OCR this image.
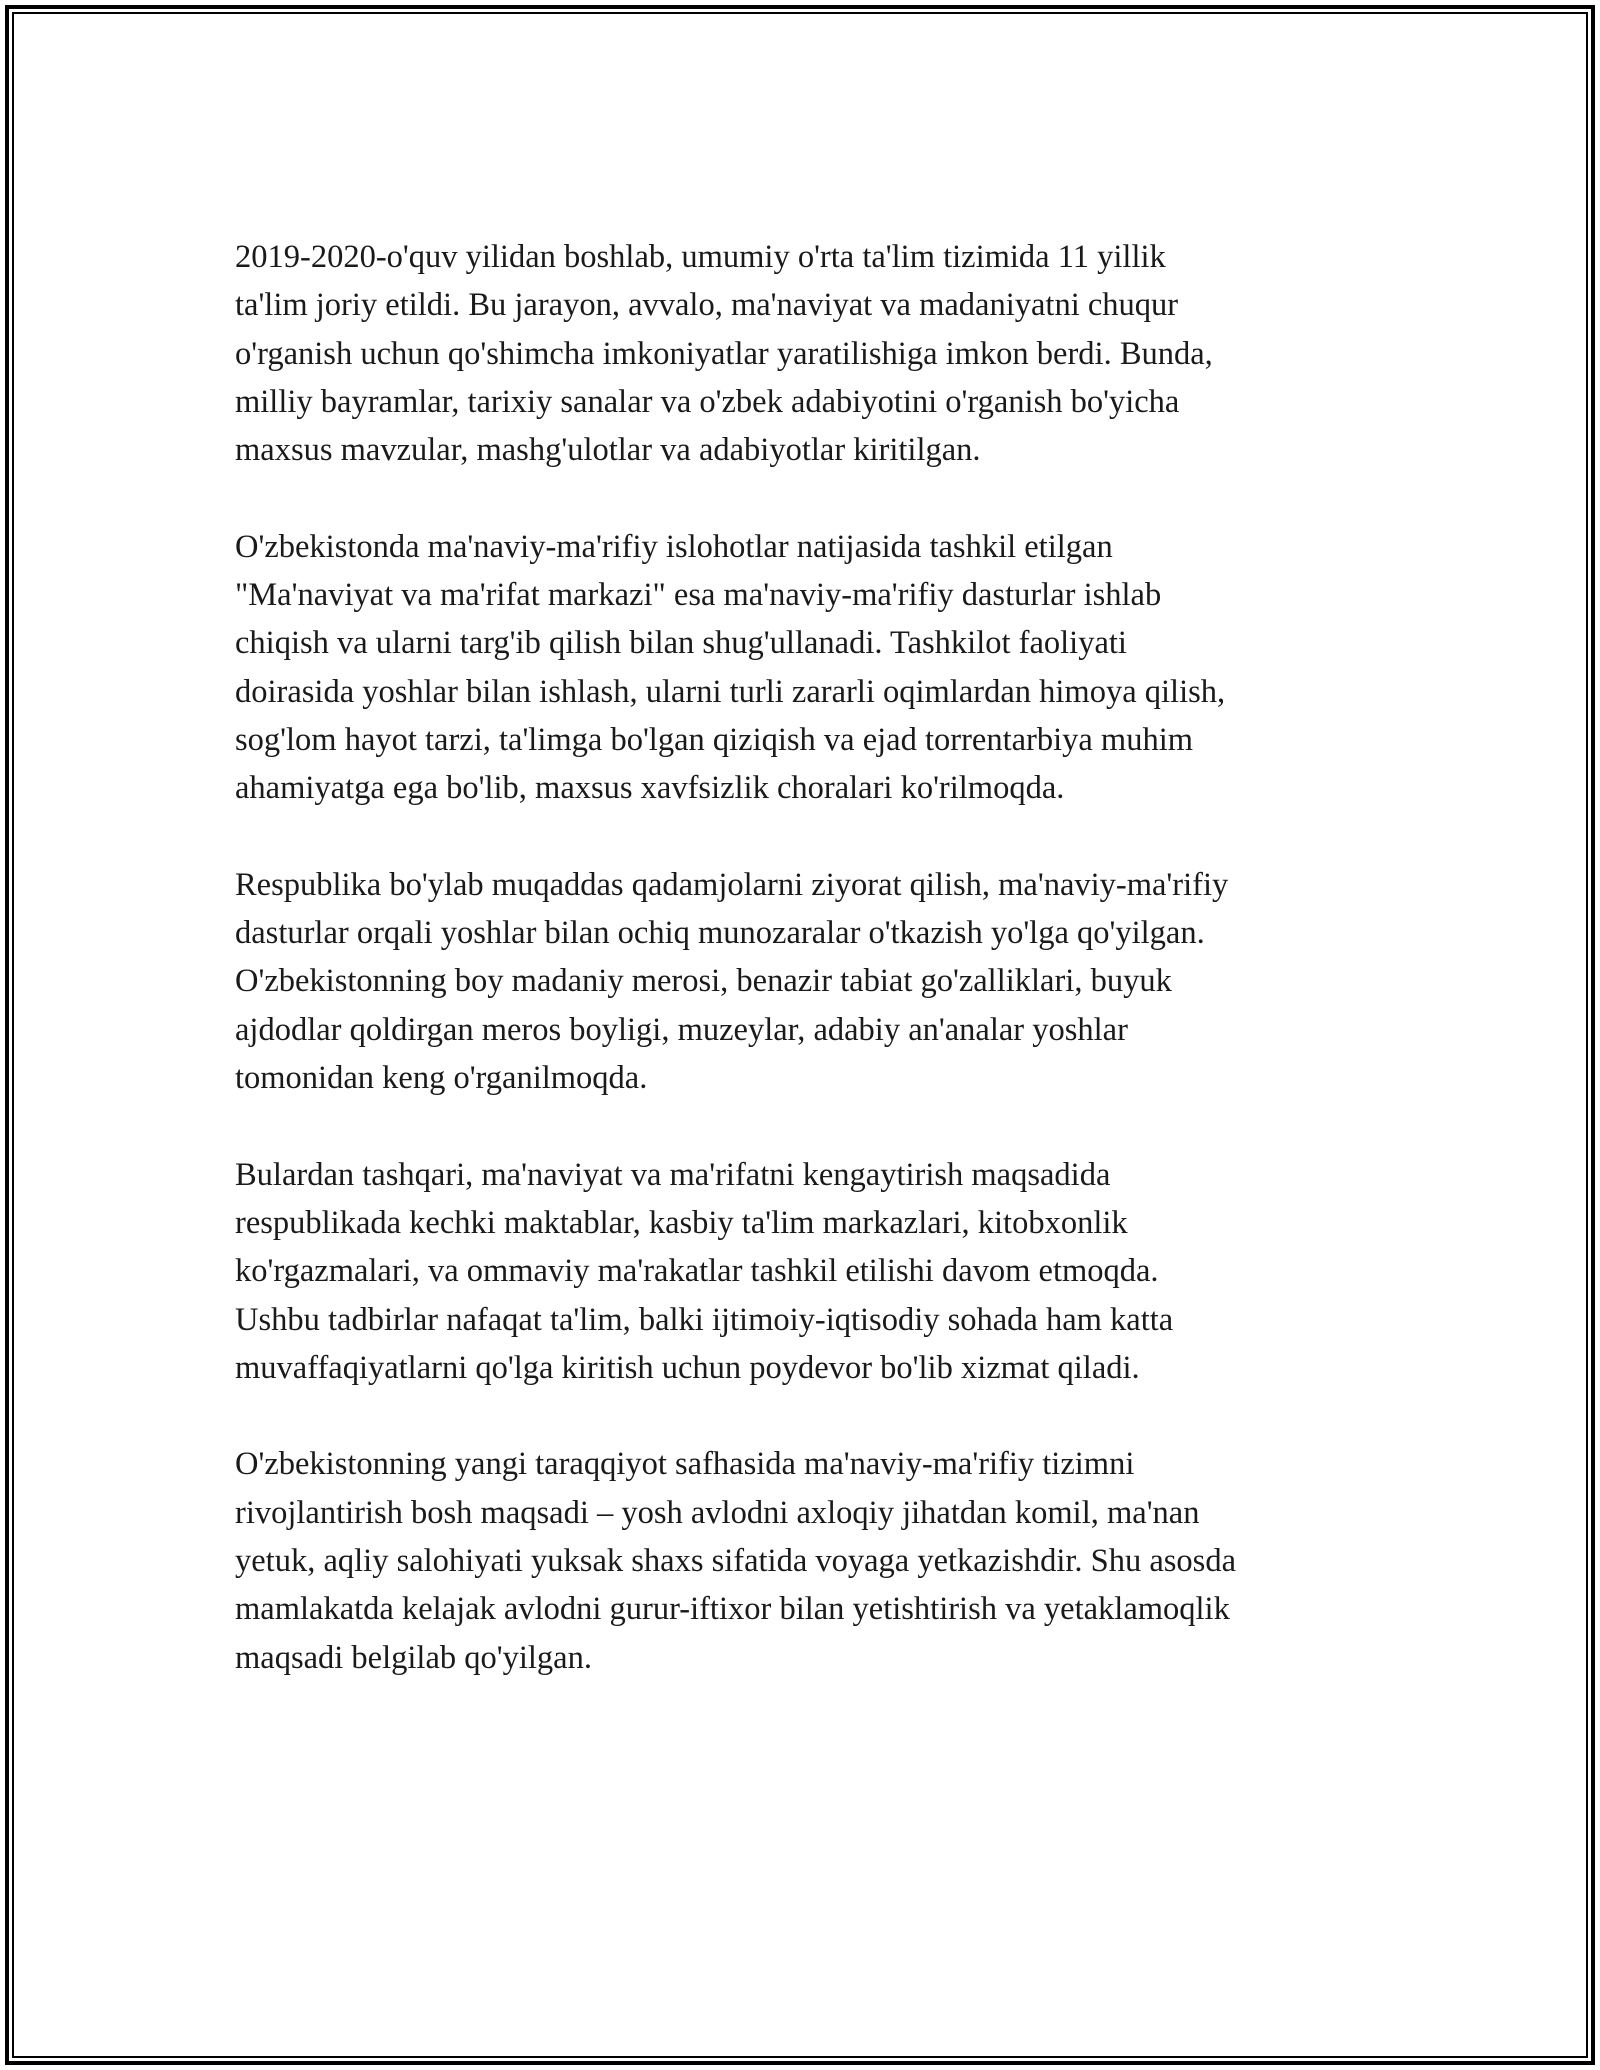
2019-2020-o'quv yilidan boshlab, umumiy o'rta ta'lim tizimida 11 yillik
ta'lim joriy etildi. Bu jarayon, avvalo, ma'naviyat va madaniyatni chuqur
o'rganish uchun qo'shimcha imkoniyatlar yaratilishiga imkon berdi. Bunda,
milliy bayramlar, tarixiy sanalar va o'zbek adabiyotini o'rganish bo'yicha
maxsus mavzular, mashg'ulotlar va adabiyotlar kiritilgan.

O'zbekistonda ma'naviy-ma'rifiy islohotlar natijasida tashkil etilgan
"Ma'naviyat va ma'rifat markazi" esa ma'naviy-ma'rifiy dasturlar ishlab
chiqish va ularni targ'ib qilish bilan shug'ullanadi. Tashkilot faoliyati
doirasida yoshlar bilan ishlash, ularni turli zararli oqimlardan himoya qilish,
sog'lom hayot tarzi, ta'limga bo'lgan qiziqish va ejad torrentarbiya muhim
ahamiyatga ega bo'lib, maxsus xavfsizlik choralari ko'rilmoqda.

Respublika bo'ylab muqaddas qadamjolarni ziyorat qilish, ma'naviy-ma'rifiy
dasturlar orqali yoshlar bilan ochiq munozaralar o'tkazish yo'lga qo'yilgan.
O'zbekistonning boy madaniy merosi, benazir tabiat go'zalliklari, buyuk
ajdodlar qoldirgan meros boyligi, muzeylar, adabiy an'analar yoshlar
tomonidan keng o'rganilmoqda.

Bulardan tashqari, ma'naviyat va ma'rifatni kengaytirish maqsadida
respublikada kechki maktablar, kasbiy ta'lim markazlari, kitobxonlik
ko'rgazmalari, va ommaviy ma'rakatlar tashkil etilishi davom etmoqda.
Ushbu tadbirlar nafaqat ta'lim, balki ijtimoiy-iqtisodiy sohada ham katta
muvaffaqiyatlarni qo'lga kiritish uchun poydevor bo'lib xizmat qiladi.

O'zbekistonning yangi taraqqiyot safhasida ma'naviy-ma'rifiy tizimni
rivojlantirish bosh maqsadi – yosh avlodni axloqiy jihatdan komil, ma'nan
yetuk, aqliy salohiyati yuksak shaxs sifatida voyaga yetkazishdir. Shu asosda
mamlakatda kelajak avlodni gurur-iftixor bilan yetishtirish va yetaklamoqlik
maqsadi belgilab qo'yilgan.
